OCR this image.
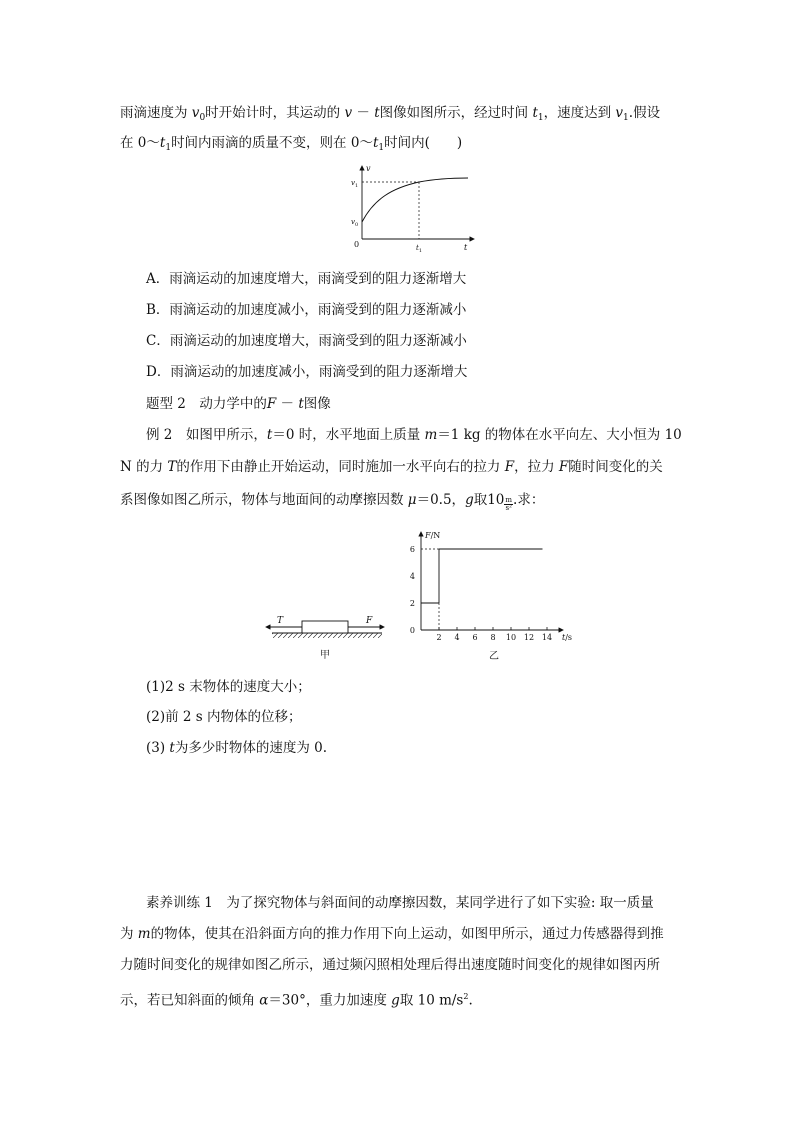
雨滴速度为 $v_0$时开始计时，其运动的 v － t图像如图所示，经过时间 $t_1$，速度达到 $v_1$.假设
在 $0\sim t_1$时间内雨滴的质量不变，则在 $0\sim t_1$时间内(　　)
v
t
$v_1$
$v_0$
0	$t_1$
A．雨滴运动的加速度增大，雨滴受到的阻力逐渐增大
B．雨滴运动的加速度减小，雨滴受到的阻力逐渐减小
C．雨滴运动的加速度增大，雨滴受到的阻力逐渐减小
D．雨滴运动的加速度减小，雨滴受到的阻力逐渐增大
题型 2　动力学中的F － t图像
例 2　如图甲所示，t＝0 时，水平地面上质量 m＝1 kg 的物体在水平向左、大小恒为 10
N 的力 T的作用下由静止开始运动，同时施加一水平向右的拉力 F，拉力 F随时间变化的关
系图像如图乙所示，物体与地面间的动摩擦因数 μ＝0.5，g取$10 \frac{m}{\text{s²}}$ .求：
T	F
甲
F/N
t/s
2 4 6 8 10 12 14
0
2
4
6
乙
(1)2 s 末物体的速度大小；
(2)前 2 s 内物体的位移；
(3) t为多少时物体的速度为 0.
素养训练 1　为了探究物体与斜面间的动摩擦因数，某同学进行了如下实验: 取一质量
为 m的物体，使其在沿斜面方向的推力作用下向上运动，如图甲所示，通过力传感器得到推
力随时间变化的规律如图乙所示，通过频闪照相处理后得出速度随时间变化的规律如图丙所
示，若已知斜面的倾角 α＝30°，重力加速度 g取 10 $m/s^2$.
